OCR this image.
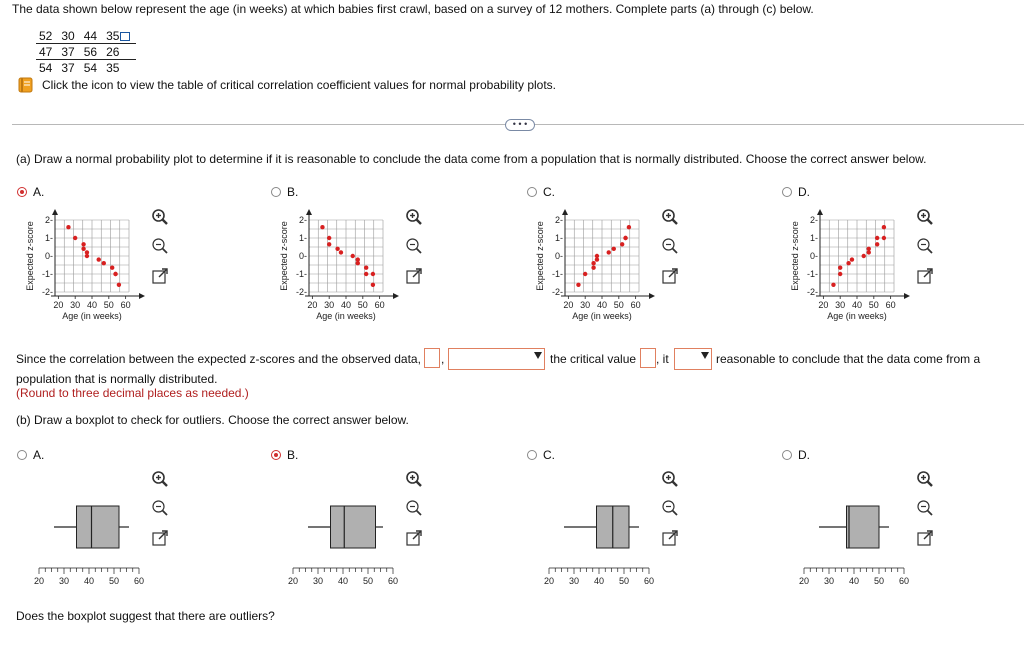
The data shown below represent the age (in weeks) at which babies first crawl, based on a survey of 12 mothers. Complete parts (a) through (c) below.
52	30	44	35
47	37	56	26
54	37	54	35
Click the icon to view the table of critical correlation coefficient values for normal probability plots.
• • •
(a) Draw a normal probability plot to determine if it is reasonable to conclude the data come from a population that is normally distributed. Choose the correct answer below.
Since the correlation between the expected z-scores and the observed data, ,	the critical value , it	reasonable to conclude that the data come from a
population that is normally distributed.
(Round to three decimal places as needed.)
(b) Draw a boxplot to check for outliers. Choose the correct answer below.
Does the boxplot suggest that there are outliers?
A.	B.	C.	D.
A.	B.	C.	D.
2-
1-
0-
-1-
-2-
20 30 40 50 60
Age (in weeks)
Expected z-score
2-
1-
0-
-1-
-2-
20 30 40 50 60
Age (in weeks)
Expected z-score
2-
1-
0-
-1-
-2-
20 30 40 50 60
Age (in weeks)
Expected z-score
2-
1-
0-
-1-
-2-
20 30 40 50 60
Age (in weeks)
Expected z-score
20 30 40 50 60	20 30 40 50 60	20 30 40 50 60	20 30 40 50 60
